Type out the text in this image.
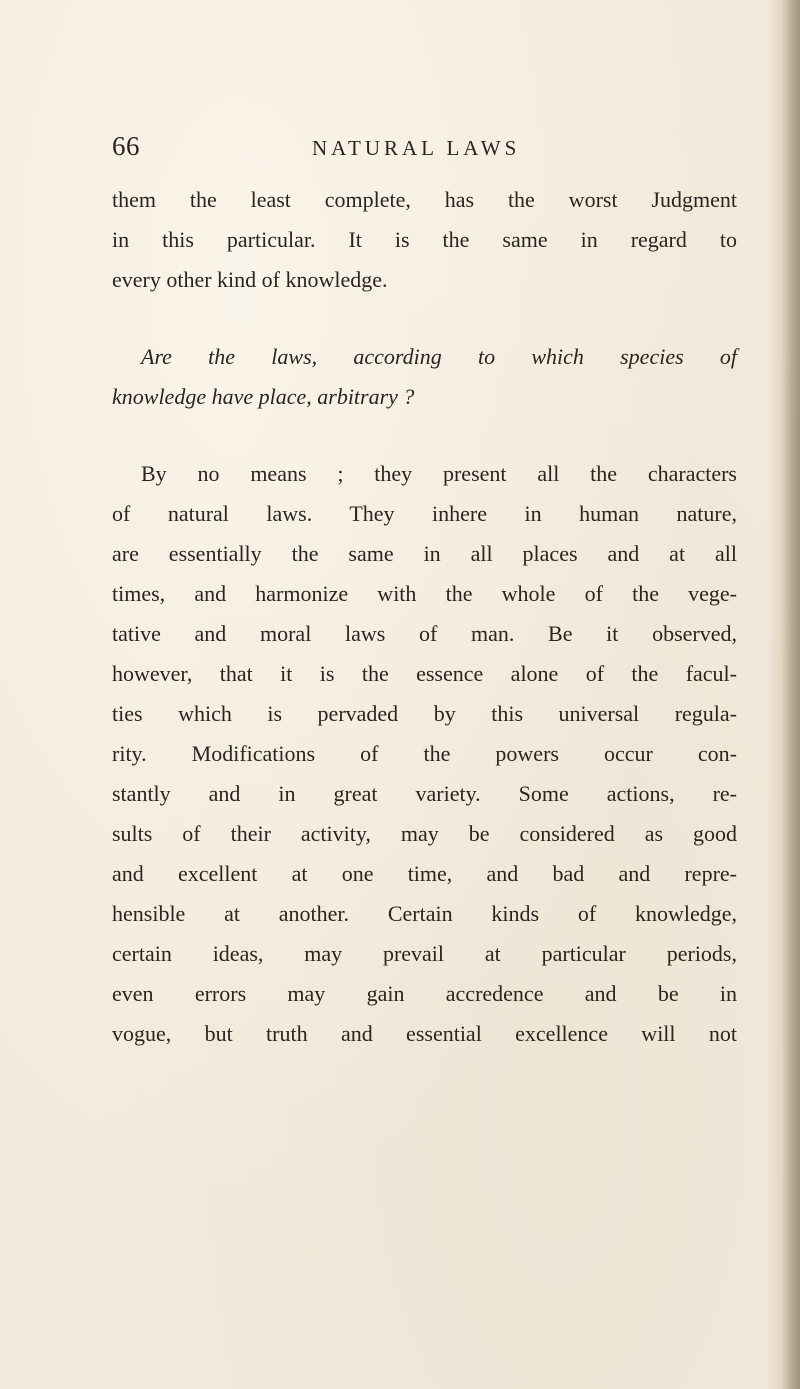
66	NATURAL LAWS
them the least complete, has the worst Judgment
in this particular. It is the same in regard to
every other kind of knowledge.
Are the laws, according to which species of
knowledge have place, arbitrary ?
By no means ; they present all the characters
of natural laws. They inhere in human nature,
are essentially the same in all places and at all
times, and harmonize with the whole of the vege-
tative and moral laws of man. Be it observed,
however, that it is the essence alone of the facul-
ties which is pervaded by this universal regula-
rity. Modifications of the powers occur con-
stantly and in great variety. Some actions, re-
sults of their activity, may be considered as good
and excellent at one time, and bad and repre-
hensible at another. Certain kinds of knowledge,
certain ideas, may prevail at particular periods,
even errors may gain accredence and be in
vogue, but truth and essential excellence will not
